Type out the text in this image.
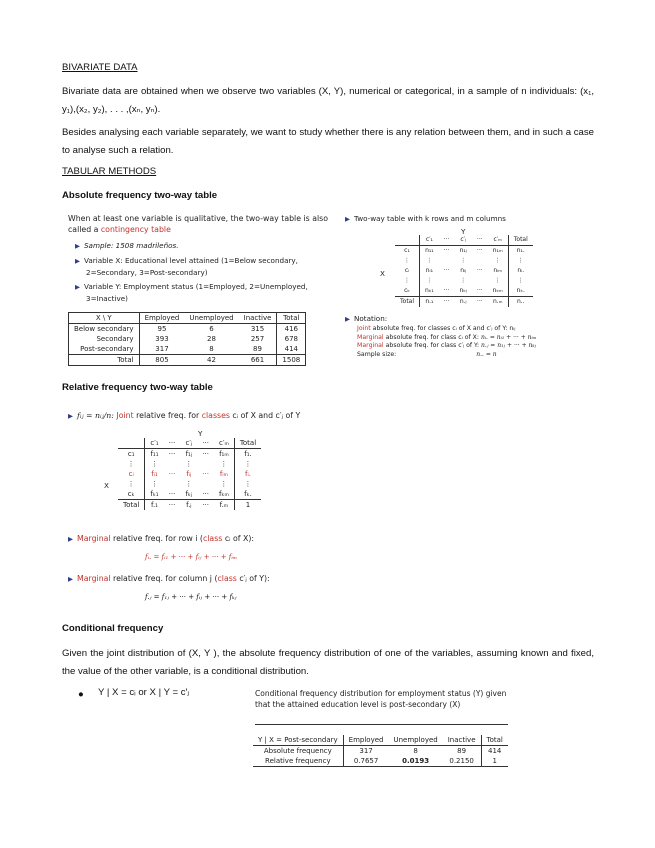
BIVARIATE DATA
Bivariate data are obtained when we observe two variables (X, Y), numerical or categorical, in a sample of n individuals: (x₁, y₁),(x₂, y₂), . . . ,(xₙ, yₙ).
Besides analysing each variable separately, we want to study whether there is any relation between them, and in such a case to analyse such a relation.
TABULAR METHODS
Absolute frequency two-way table
When at least one variable is qualitative, the two-way table is also
called a contingency table
▶ Sample: 1508 madrileños.
▶ Variable X: Educational level attained (1=Below secondary,
2=Secondary, 3=Post-secondary)
▶ Variable Y: Employment status (1=Employed, 2=Unemployed,
3=Inactive)
X \ Y	Employed	Unemployed	Inactive	Total
Below secondary	95	6	315	416
Secondary	393	28	257	678
Post-secondary	317	8	89	414
Total	805	42	661	1508
▶ Two-way table with k rows and m columns
Y
X
	c′₁	···	c′ⱼ	···	c′ₘ	Total
c₁	n₁₁	···	n₁ⱼ	···	n₁ₘ	n₁.
⋮	⋮		⋮		⋮	⋮
cᵢ	nᵢ₁	···	nᵢⱼ	···	nᵢₘ	nᵢ.
⋮	⋮		⋮		⋮	⋮
cₖ	nₖ₁	···	nₖⱼ	···	nₖₘ	nₖ.
Total	n.₁	···	n.ⱼ	···	n.ₘ	n..
▶ Notation:
Joint absolute freq. for classes cᵢ of X and c′ⱼ of Y: nᵢⱼ
Marginal absolute freq. for class cᵢ of X: nᵢ. = nᵢ₁ + ··· + nᵢₘ
Marginal absolute freq. for class c′ⱼ of Y: n.ⱼ = n₁ⱼ + ··· + nₖⱼ
Sample size:	n.. = n
Relative frequency two-way table
▶ fᵢⱼ = nᵢⱼ/n: Joint relative freq. for classes cᵢ of X and c′ⱼ of Y
Y
X
	c′₁	···	c′ⱼ	···	c′ₘ	Total
c₁	f₁₁	···	f₁ⱼ	···	f₁ₘ	f₁.
⋮	⋮		⋮		⋮	⋮
cᵢ	fᵢ₁	···	fᵢⱼ	···	fᵢₘ	fᵢ.
⋮	⋮		⋮		⋮	⋮
cₖ	fₖ₁	···	fₖⱼ	···	fₖₘ	fₖ.
Total	f.₁	···	f.ⱼ	···	f.ₘ	1
▶ Marginal relative freq. for row i (class cᵢ of X):
fᵢ. = fᵢ₁ + ··· + fᵢⱼ + ··· + fᵢₘ
▶ Marginal relative freq. for column j (class c′ⱼ of Y):
f.ⱼ = f₁ⱼ + ··· + fᵢⱼ + ··· + fₖⱼ
Conditional frequency
Given the joint distribution of (X, Y ), the absolute frequency distribution of one of the variables, assuming known and fixed, the value of the other variable, is a conditional distribution.
● Y | X = cᵢ or X | Y = c′ⱼ	Conditional frequency distribution for employment status (Y) given
that the attained education level is post-secondary (X)
Y | X = Post-secondary	Employed	Unemployed	Inactive	Total
Absolute frequency	317	8	89	414
Relative frequency	0.7657	0.0193	0.2150	1
